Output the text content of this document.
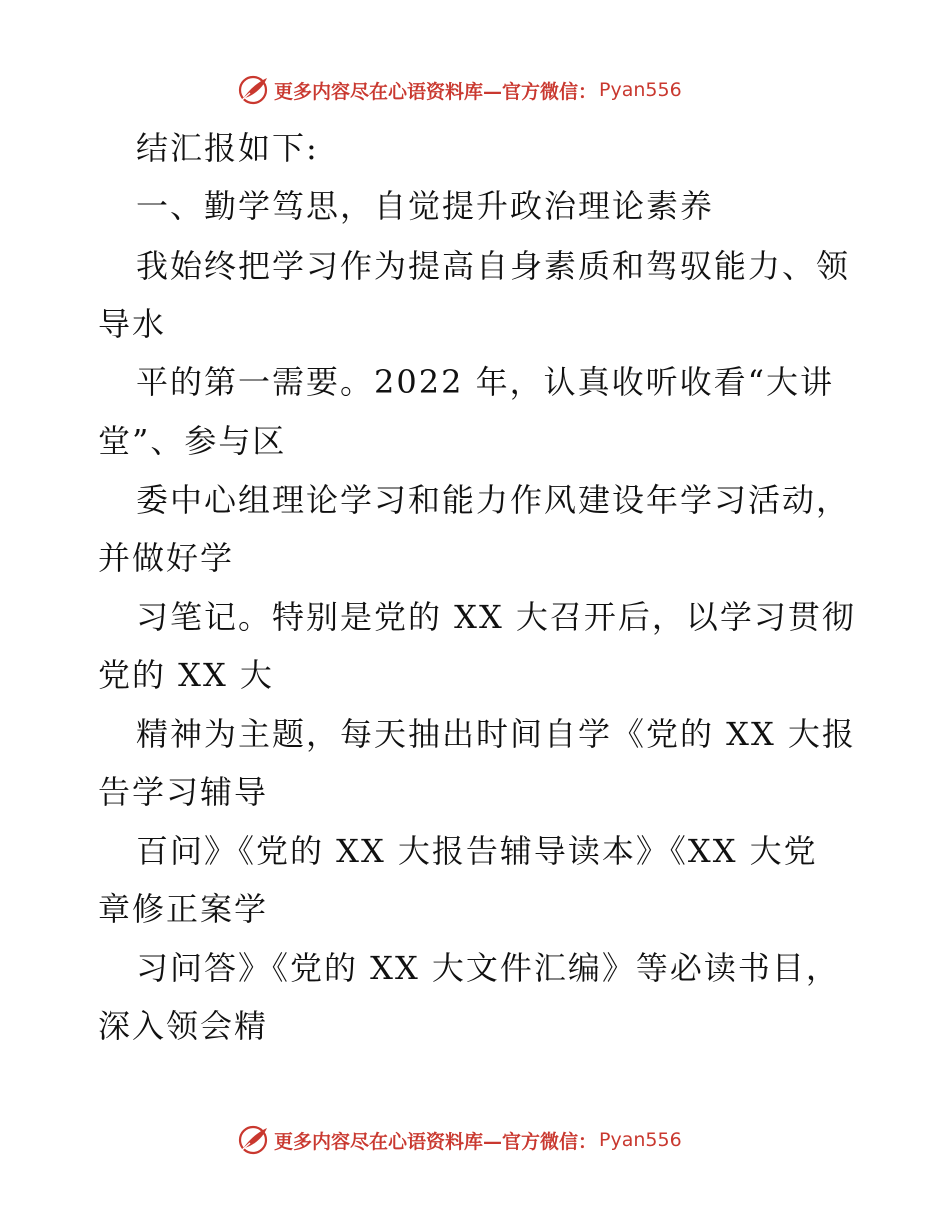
更多内容尽在心语资料库—官方微信： Pyan556
结汇报如下:
一、勤学笃思，自觉提升政治理论素养
我始终把学习作为提高自身素质和驾驭能力、领
导水
平的第一需要。2022 年，认真收听收看“大讲
堂”、参与区
委中心组理论学习和能力作风建设年学习活动，
并做好学
习笔记。特别是党的 XX 大召开后，以学习贯彻
党的 XX 大
精神为主题，每天抽出时间自学《党的 XX 大报
告学习辅导
百问》《党的 XX 大报告辅导读本》《XX 大党
章修正案学
习问答》《党的 XX 大文件汇编》等必读书目，
深入领会精
更多内容尽在心语资料库—官方微信： Pyan556
